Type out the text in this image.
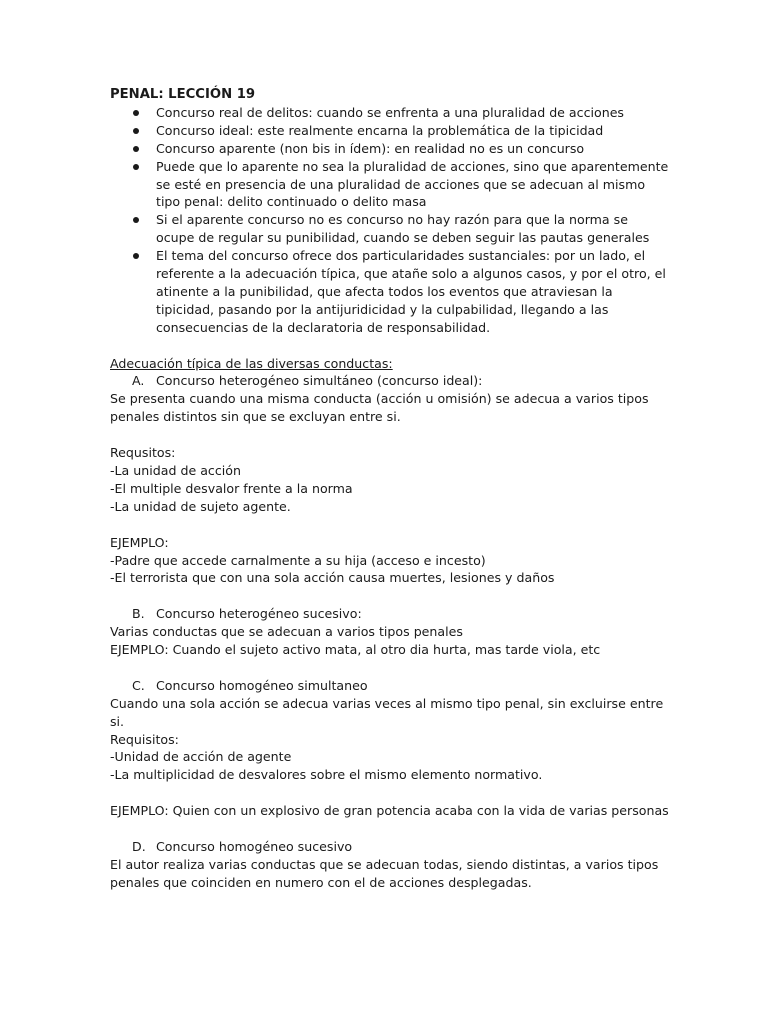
PENAL: LECCIÓN 19

Concurso real de delitos: cuando se enfrenta a una pluralidad de acciones
Concurso ideal: este realmente encarna la problemática de la tipicidad
Concurso aparente (non bis in ídem): en realidad no es un concurso
Puede que lo aparente no sea la pluralidad de acciones, sino que aparentemente se esté en presencia de una pluralidad de acciones que se adecuan al mismo tipo penal: delito continuado o delito masa
Si el aparente concurso no es concurso no hay razón para que la norma se ocupe de regular su punibilidad, cuando se deben seguir las pautas generales
El tema del concurso ofrece dos particularidades sustanciales: por un lado, el referente a la adecuación típica, que atañe solo a algunos casos, y por el otro, el atinente a la punibilidad, que afecta todos los eventos que atraviesan la tipicidad, pasando por la antijuridicidad y la culpabilidad, llegando a las consecuencias de la declaratoria de responsabilidad.

Adecuación típica de las diversas conductas:

A. Concurso heterogéneo simultáneo (concurso ideal):

Se presenta cuando una misma conducta (acción u omisión) se adecua a varios tipos penales distintos sin que se excluyan entre si.

Requsitos:

-La unidad de acción

-El multiple desvalor frente a la norma

-La unidad de sujeto agente.

EJEMPLO:

-Padre que accede carnalmente a su hija (acceso e incesto)

-El terrorista que con una sola acción causa muertes, lesiones y daños

B. Concurso heterogéneo sucesivo:

Varias conductas que se adecuan a varios tipos penales

EJEMPLO: Cuando el sujeto activo mata, al otro dia hurta, mas tarde viola, etc

C. Concurso homogéneo simultaneo

Cuando una sola acción se adecua varias veces al mismo tipo penal, sin excluirse entre si.

Requisitos:

-Unidad de acción de agente

-La multiplicidad de desvalores sobre el mismo elemento normativo.

EJEMPLO: Quien con un explosivo de gran potencia acaba con la vida de varias personas

D. Concurso homogéneo sucesivo

El autor realiza varias conductas que se adecuan todas, siendo distintas, a varios tipos penales que coinciden en numero con el de acciones desplegadas.
